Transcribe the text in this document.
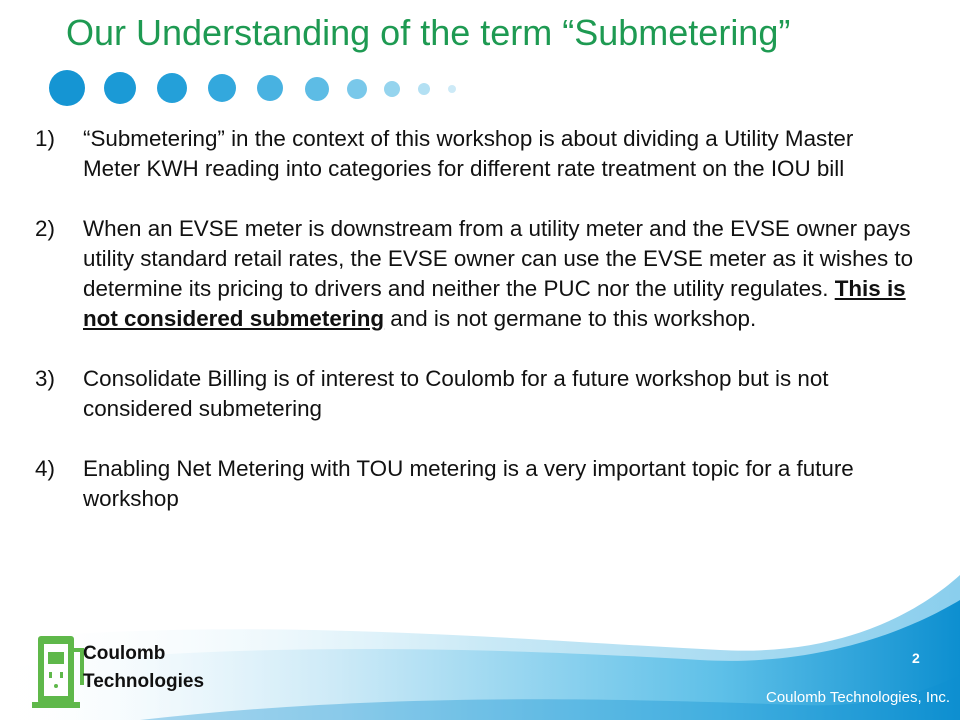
Our Understanding of the term “Submetering”
1)	“Submetering” in the context of this workshop is about dividing a Utility Master Meter KWH reading into categories for different rate treatment on the IOU bill
2)	When an EVSE meter is downstream from a utility meter and the EVSE owner pays utility standard retail rates, the EVSE owner can use the EVSE meter as it wishes to determine its pricing to drivers and neither the PUC nor the utility regulates. This is not considered submetering and is not germane to this workshop.
3)	Consolidate Billing is of interest to Coulomb for a future workshop but is not considered submetering
4)	Enabling Net Metering with TOU metering is a very important topic for a future workshop
Coulomb
Technologies
2
Coulomb Technologies, Inc.
